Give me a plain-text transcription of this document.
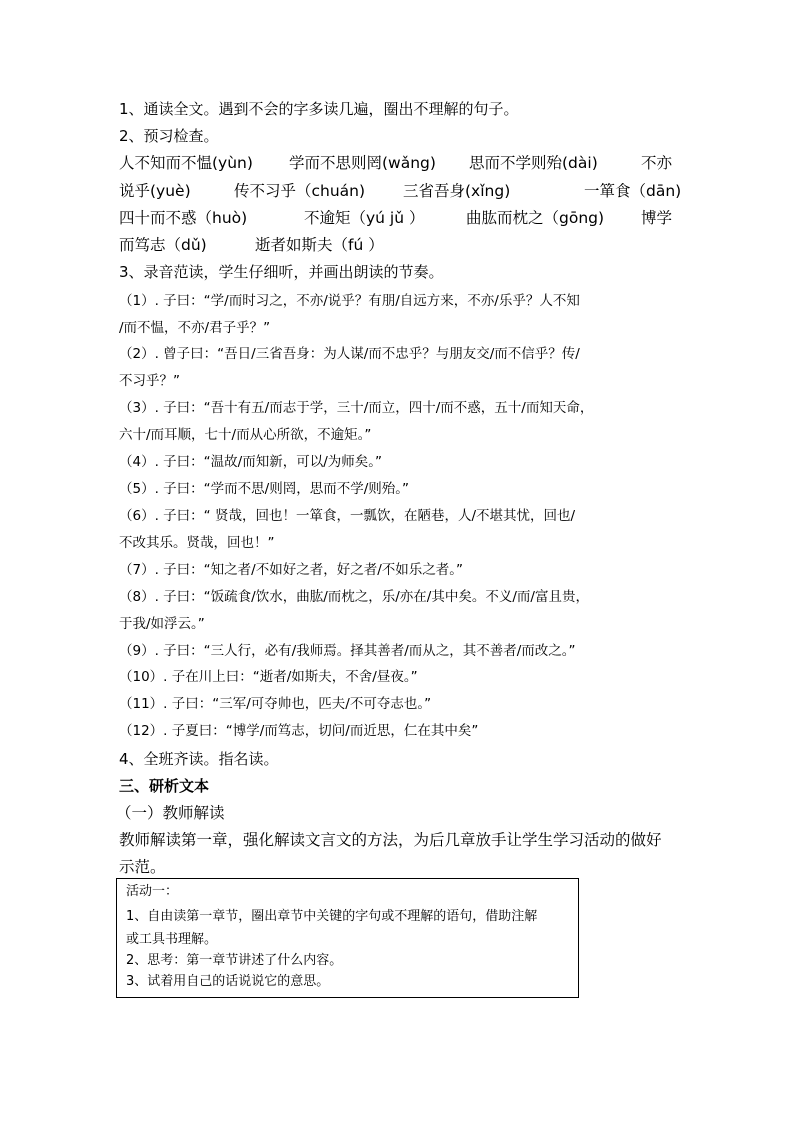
1、通读全文。遇到不会的字多读几遍，圈出不理解的句子。
2、预习检查。
人不知而不愠(yùn) 学而不思则罔(wǎng) 思而不学则殆(dài)	不亦
说乎(yuè)	传不习乎（chuán) 三省吾身(xǐng)	一箪食（dān)
四十而不惑（huò)	不逾矩（yú jǔ ）	曲肱而枕之（gōng) 博学
而笃志（dǔ)	逝者如斯夫（fú ）
3、录音范读，学生仔细听，并画出朗读的节奏。
（1）. 子曰：“学/而时习之，不亦/说乎？有朋/自远方来，不亦/乐乎？人不知
/而不愠，不亦/君子乎？”
（2）. 曾子曰：“吾日/三省吾身：为人谋/而不忠乎？与朋友交/而不信乎？传/
不习乎？”
（3）. 子曰：“吾十有五/而志于学，三十/而立，四十/而不惑，五十/而知天命，
六十/而耳顺，七十/而从心所欲，不逾矩。”
（4）. 子曰：“温故/而知新，可以/为师矣。”
（5）. 子曰：“学而不思/则罔，思而不学/则殆。”
（6）. 子曰：“ 贤哉，回也！一箪食，一瓢饮，在陋巷，人/不堪其忧，回也/
不改其乐。贤哉，回也！”
（7）. 子曰：“知之者/不如好之者，好之者/不如乐之者。”
（8）. 子曰：“饭疏食/饮水，曲肱/而枕之，乐/亦在/其中矣。不义/而/富且贵，
于我/如浮云。”
（9）. 子曰：“三人行，必有/我师焉。择其善者/而从之，其不善者/而改之。”
（10）. 子在川上曰：“逝者/如斯夫，不舍/昼夜。”
（11）. 子曰：“三军/可夺帅也，匹夫/不可夺志也。”
（12）. 子夏曰：“博学/而笃志，切问/而近思，仁在其中矣”
4、全班齐读。指名读。
三、研析文本
（一）教师解读
教师解读第一章，强化解读文言文的方法，为后几章放手让学生学习活动的做好
示范。
活动一：
1、自由读第一章节，圈出章节中关键的字句或不理解的语句，借助注解
或工具书理解。
2、思考：第一章节讲述了什么内容。
3、试着用自己的话说说它的意思。
